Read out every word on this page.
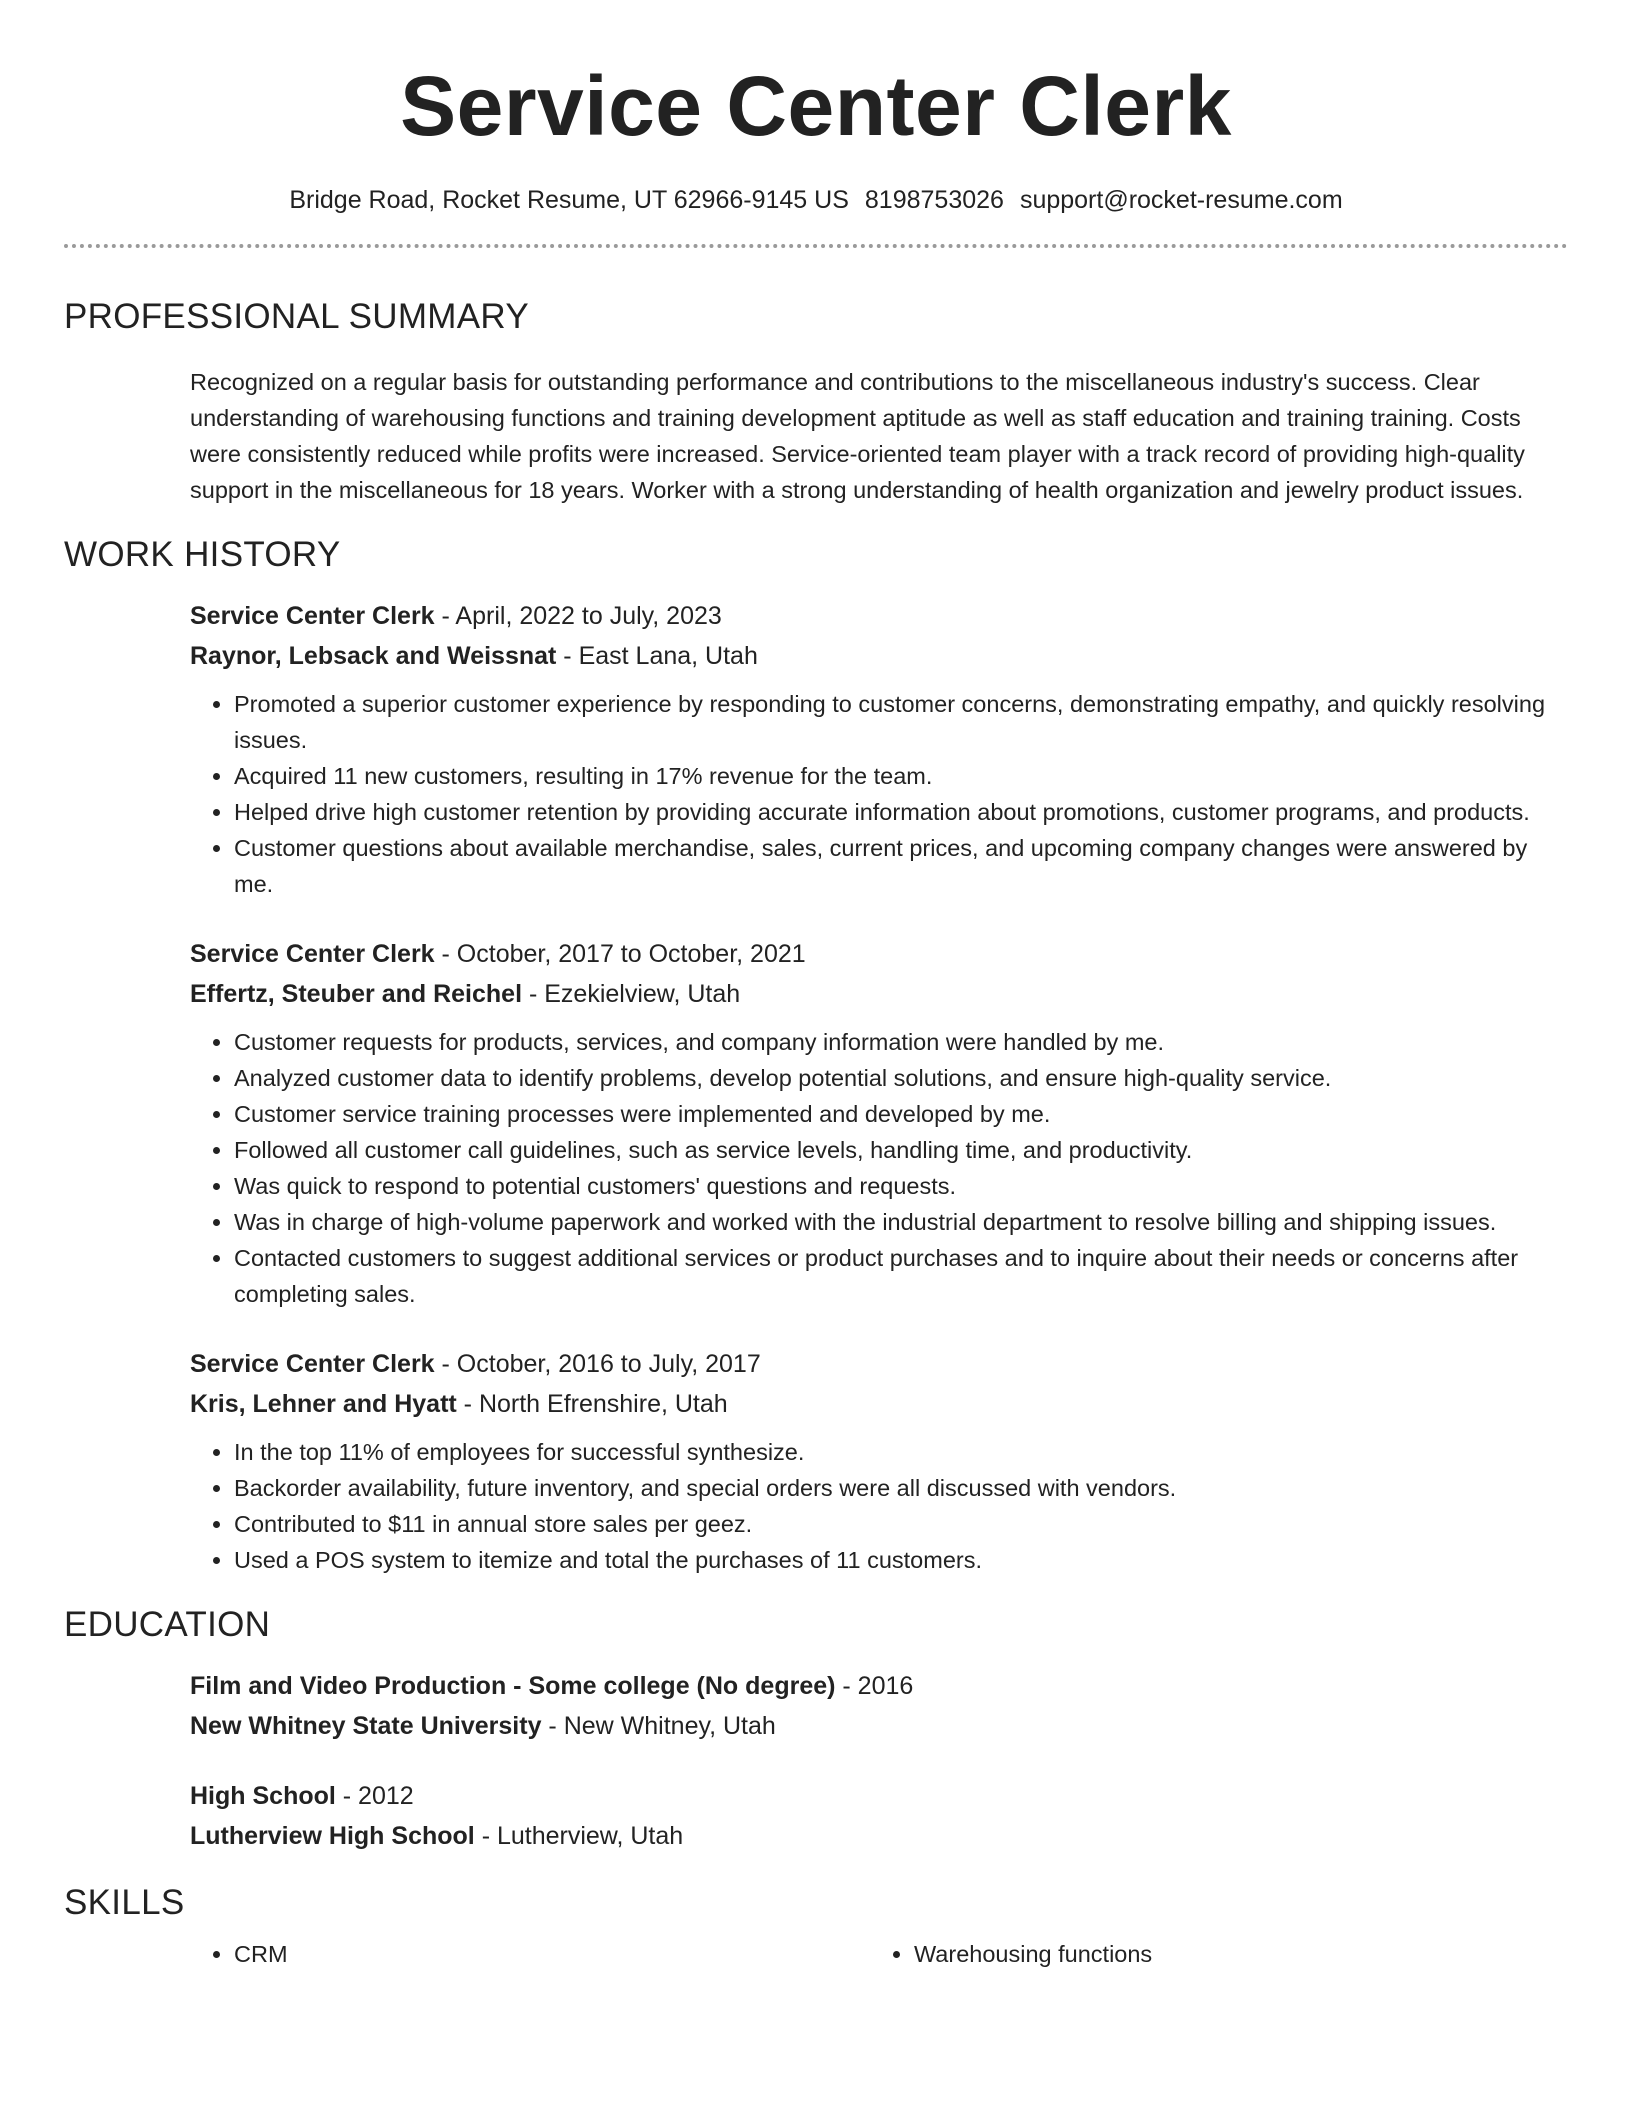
Service Center Clerk
Bridge Road, Rocket Resume, UT 62966-9145 US 8198753026 support@rocket-resume.com
PROFESSIONAL SUMMARY

Recognized on a regular basis for outstanding performance and contributions to the miscellaneous industry's success. Clear understanding of warehousing functions and training development aptitude as well as staff education and training training. Costs were consistently reduced while profits were increased. Service-oriented team player with a track record of providing high-quality support in the miscellaneous for 18 years. Worker with a strong understanding of health organization and jewelry product issues.

WORK HISTORY
Service Center Clerk - April, 2022 to July, 2023
Raynor, Lebsack and Weissnat - East Lana, Utah
• Promoted a superior customer experience by responding to customer concerns, demonstrating empathy, and quickly resolving issues.
• Acquired 11 new customers, resulting in 17% revenue for the team.
• Helped drive high customer retention by providing accurate information about promotions, customer programs, and products.
• Customer questions about available merchandise, sales, current prices, and upcoming company changes were answered by me.
Service Center Clerk - October, 2017 to October, 2021
Effertz, Steuber and Reichel - Ezekielview, Utah
• Customer requests for products, services, and company information were handled by me.
• Analyzed customer data to identify problems, develop potential solutions, and ensure high-quality service.
• Customer service training processes were implemented and developed by me.
• Followed all customer call guidelines, such as service levels, handling time, and productivity.
• Was quick to respond to potential customers' questions and requests.
• Was in charge of high-volume paperwork and worked with the industrial department to resolve billing and shipping issues.
• Contacted customers to suggest additional services or product purchases and to inquire about their needs or concerns after completing sales.
Service Center Clerk - October, 2016 to July, 2017
Kris, Lehner and Hyatt - North Efrenshire, Utah
• In the top 11% of employees for successful synthesize.
• Backorder availability, future inventory, and special orders were all discussed with vendors.
• Contributed to $11 in annual store sales per geez.
• Used a POS system to itemize and total the purchases of 11 customers.
EDUCATION
Film and Video Production - Some college (No degree) - 2016
New Whitney State University - New Whitney, Utah
High School - 2012
Lutherview High School - Lutherview, Utah
SKILLS
• CRM
•	Warehousing functions
